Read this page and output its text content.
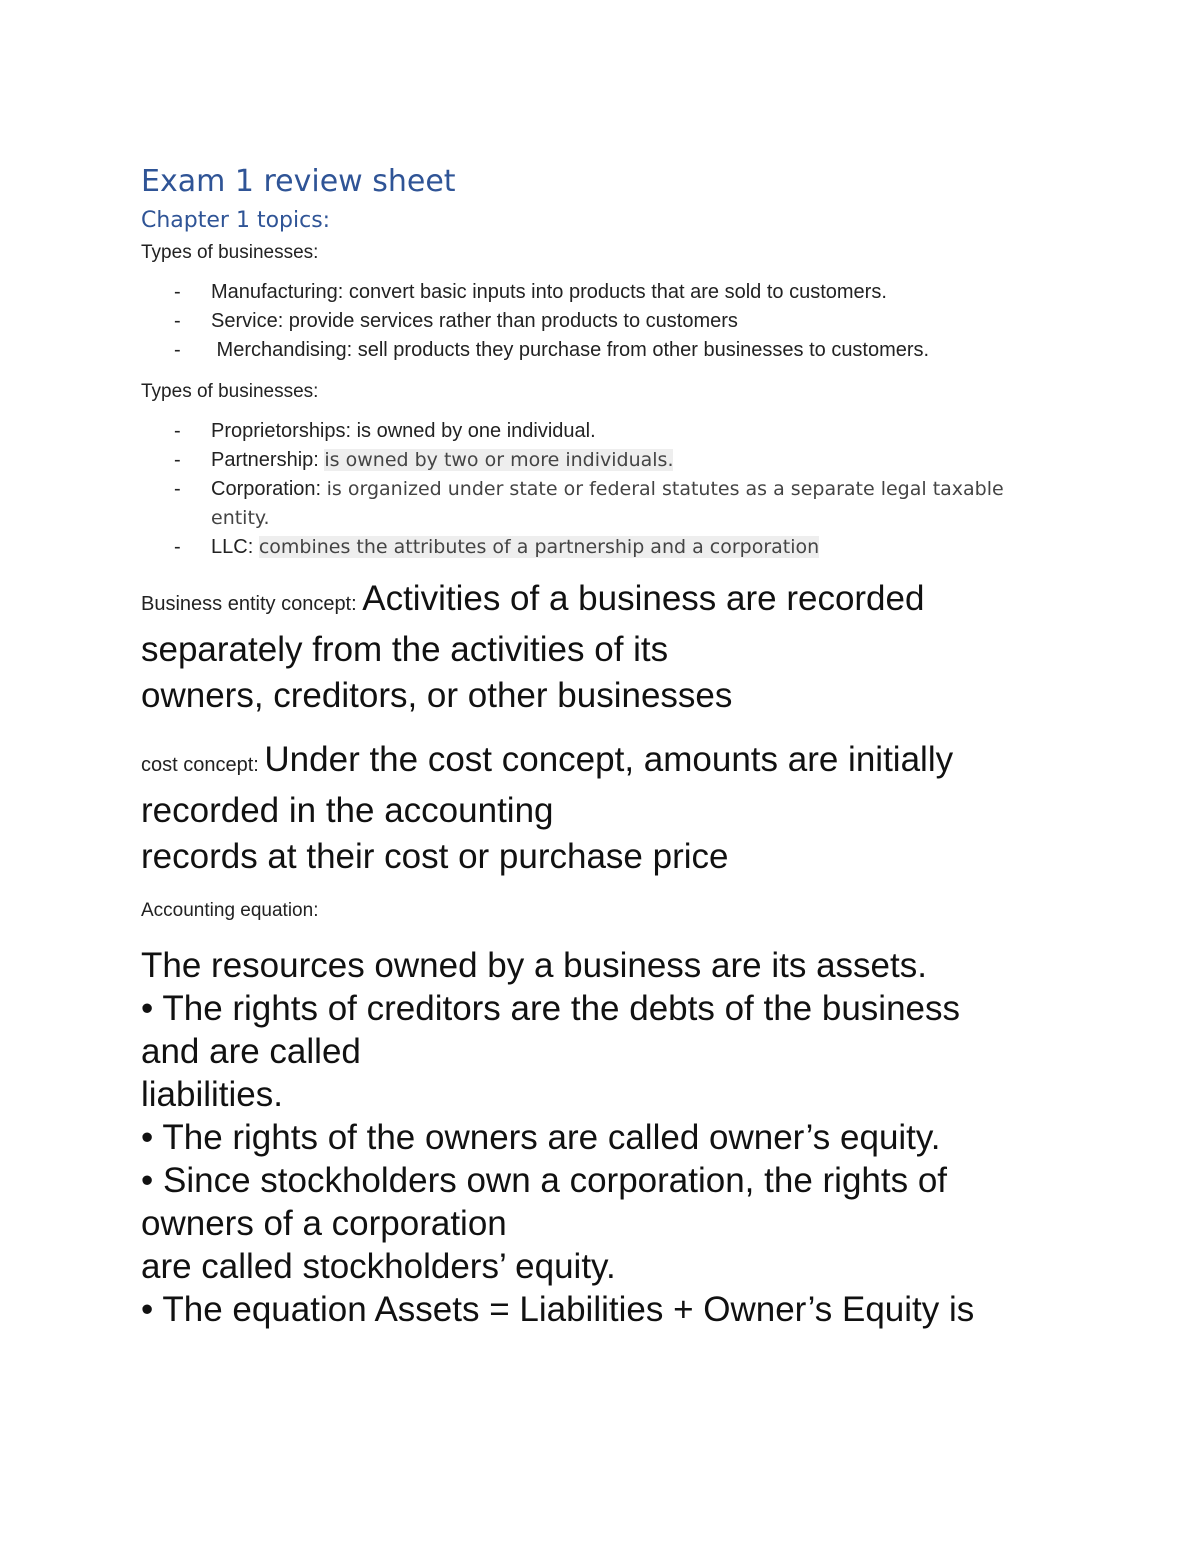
Exam 1 review sheet
Chapter 1 topics:

Types of businesses:

- Manufacturing: convert basic inputs into products that are sold to customers.
- Service: provide services rather than products to customers
- Merchandising: sell products they purchase from other businesses to customers.

Types of businesses:

- Proprietorships: is owned by one individual.
- Partnership: is owned by two or more individuals.
- Corporation: is organized under state or federal statutes as a separate legal taxable entity.
- LLC: combines the attributes of a partnership and a corporation
Business entity concept: Activities of a business are recorded
separately from the activities of its
owners, creditors, or other businesses
cost concept: Under the cost concept, amounts are initially
recorded in the accounting
records at their cost or purchase price

Accounting equation:

The resources owned by a business are its assets.
• The rights of creditors are the debts of the business
and are called
liabilities.
• The rights of the owners are called owner’s equity.
• Since stockholders own a corporation, the rights of
owners of a corporation
are called stockholders’ equity.
• The equation Assets = Liabilities + Owner’s Equity is
